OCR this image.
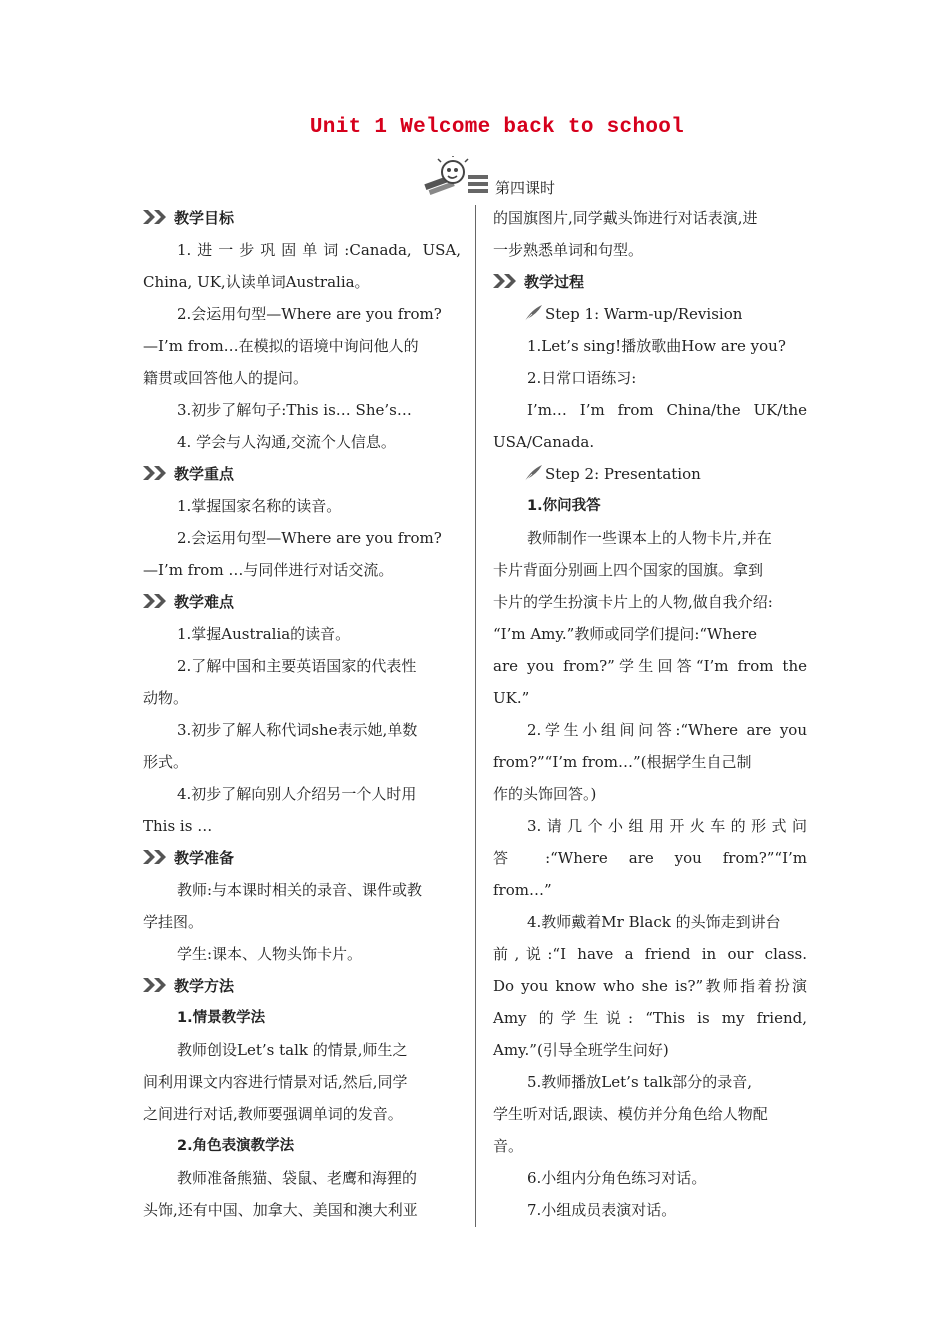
Unit 1 Welcome back to school
第四课时
教学目标
1.进一步巩固单词:Canada, USA,
China, UK,认读单词Australia。
2.会运用句型—Where are you from?
—I’m from…在模拟的语境中询问他人的
籍贯或回答他人的提问。
3.初步了解句子:This is… She’s…
4. 学会与人沟通,交流个人信息。
教学重点
1.掌握国家名称的读音。
2.会运用句型—Where are you from?
—I’m from …与同伴进行对话交流。
教学难点
1.掌握Australia的读音。
2.了解中国和主要英语国家的代表性
动物。
3.初步了解人称代词she表示她,单数
形式。
4.初步了解向别人介绍另一个人时用
This is …
教学准备
教师:与本课时相关的录音、课件或教
学挂图。
学生:课本、人物头饰卡片。
教学方法
1.情景教学法
教师创设Let’s talk 的情景,师生之
间利用课文内容进行情景对话,然后,同学
之间进行对话,教师要强调单词的发音。
2.角色表演教学法
教师准备熊猫、袋鼠、老鹰和海狸的
头饰,还有中国、加拿大、美国和澳大利亚
的国旗图片,同学戴头饰进行对话表演,进
一步熟悉单词和句型。
教学过程
Step 1: Warm-up/Revision
1.Let’s sing!播放歌曲How are you?
2.日常口语练习:
I’m… I’m from China/the UK/the
USA/Canada.
Step 2: Presentation
1.你问我答
教师制作一些课本上的人物卡片,并在
卡片背面分别画上四个国家的国旗。拿到
卡片的学生扮演卡片上的人物,做自我介绍:
“I’m Amy.”教师或同学们提问:“Where
are you from?”学生回答“I’m from the
UK.”
2.学生小组间问答:“Where are you
from?”“I’m from…”(根据学生自己制
作的头饰回答。)
3.请几个小组用开火车的形式问
答 :“Where are you from?”“I’m
from…”
4.教师戴着Mr Black 的头饰走到讲台
前,说:“I have a friend in our class.
Do you know who she is?”教师指着扮演
Amy 的学生说: “This is my friend,
Amy.”(引导全班学生问好)
5.教师播放Let’s talk部分的录音,
学生听对话,跟读、模仿并分角色给人物配
音。
6.小组内分角色练习对话。
7.小组成员表演对话。
